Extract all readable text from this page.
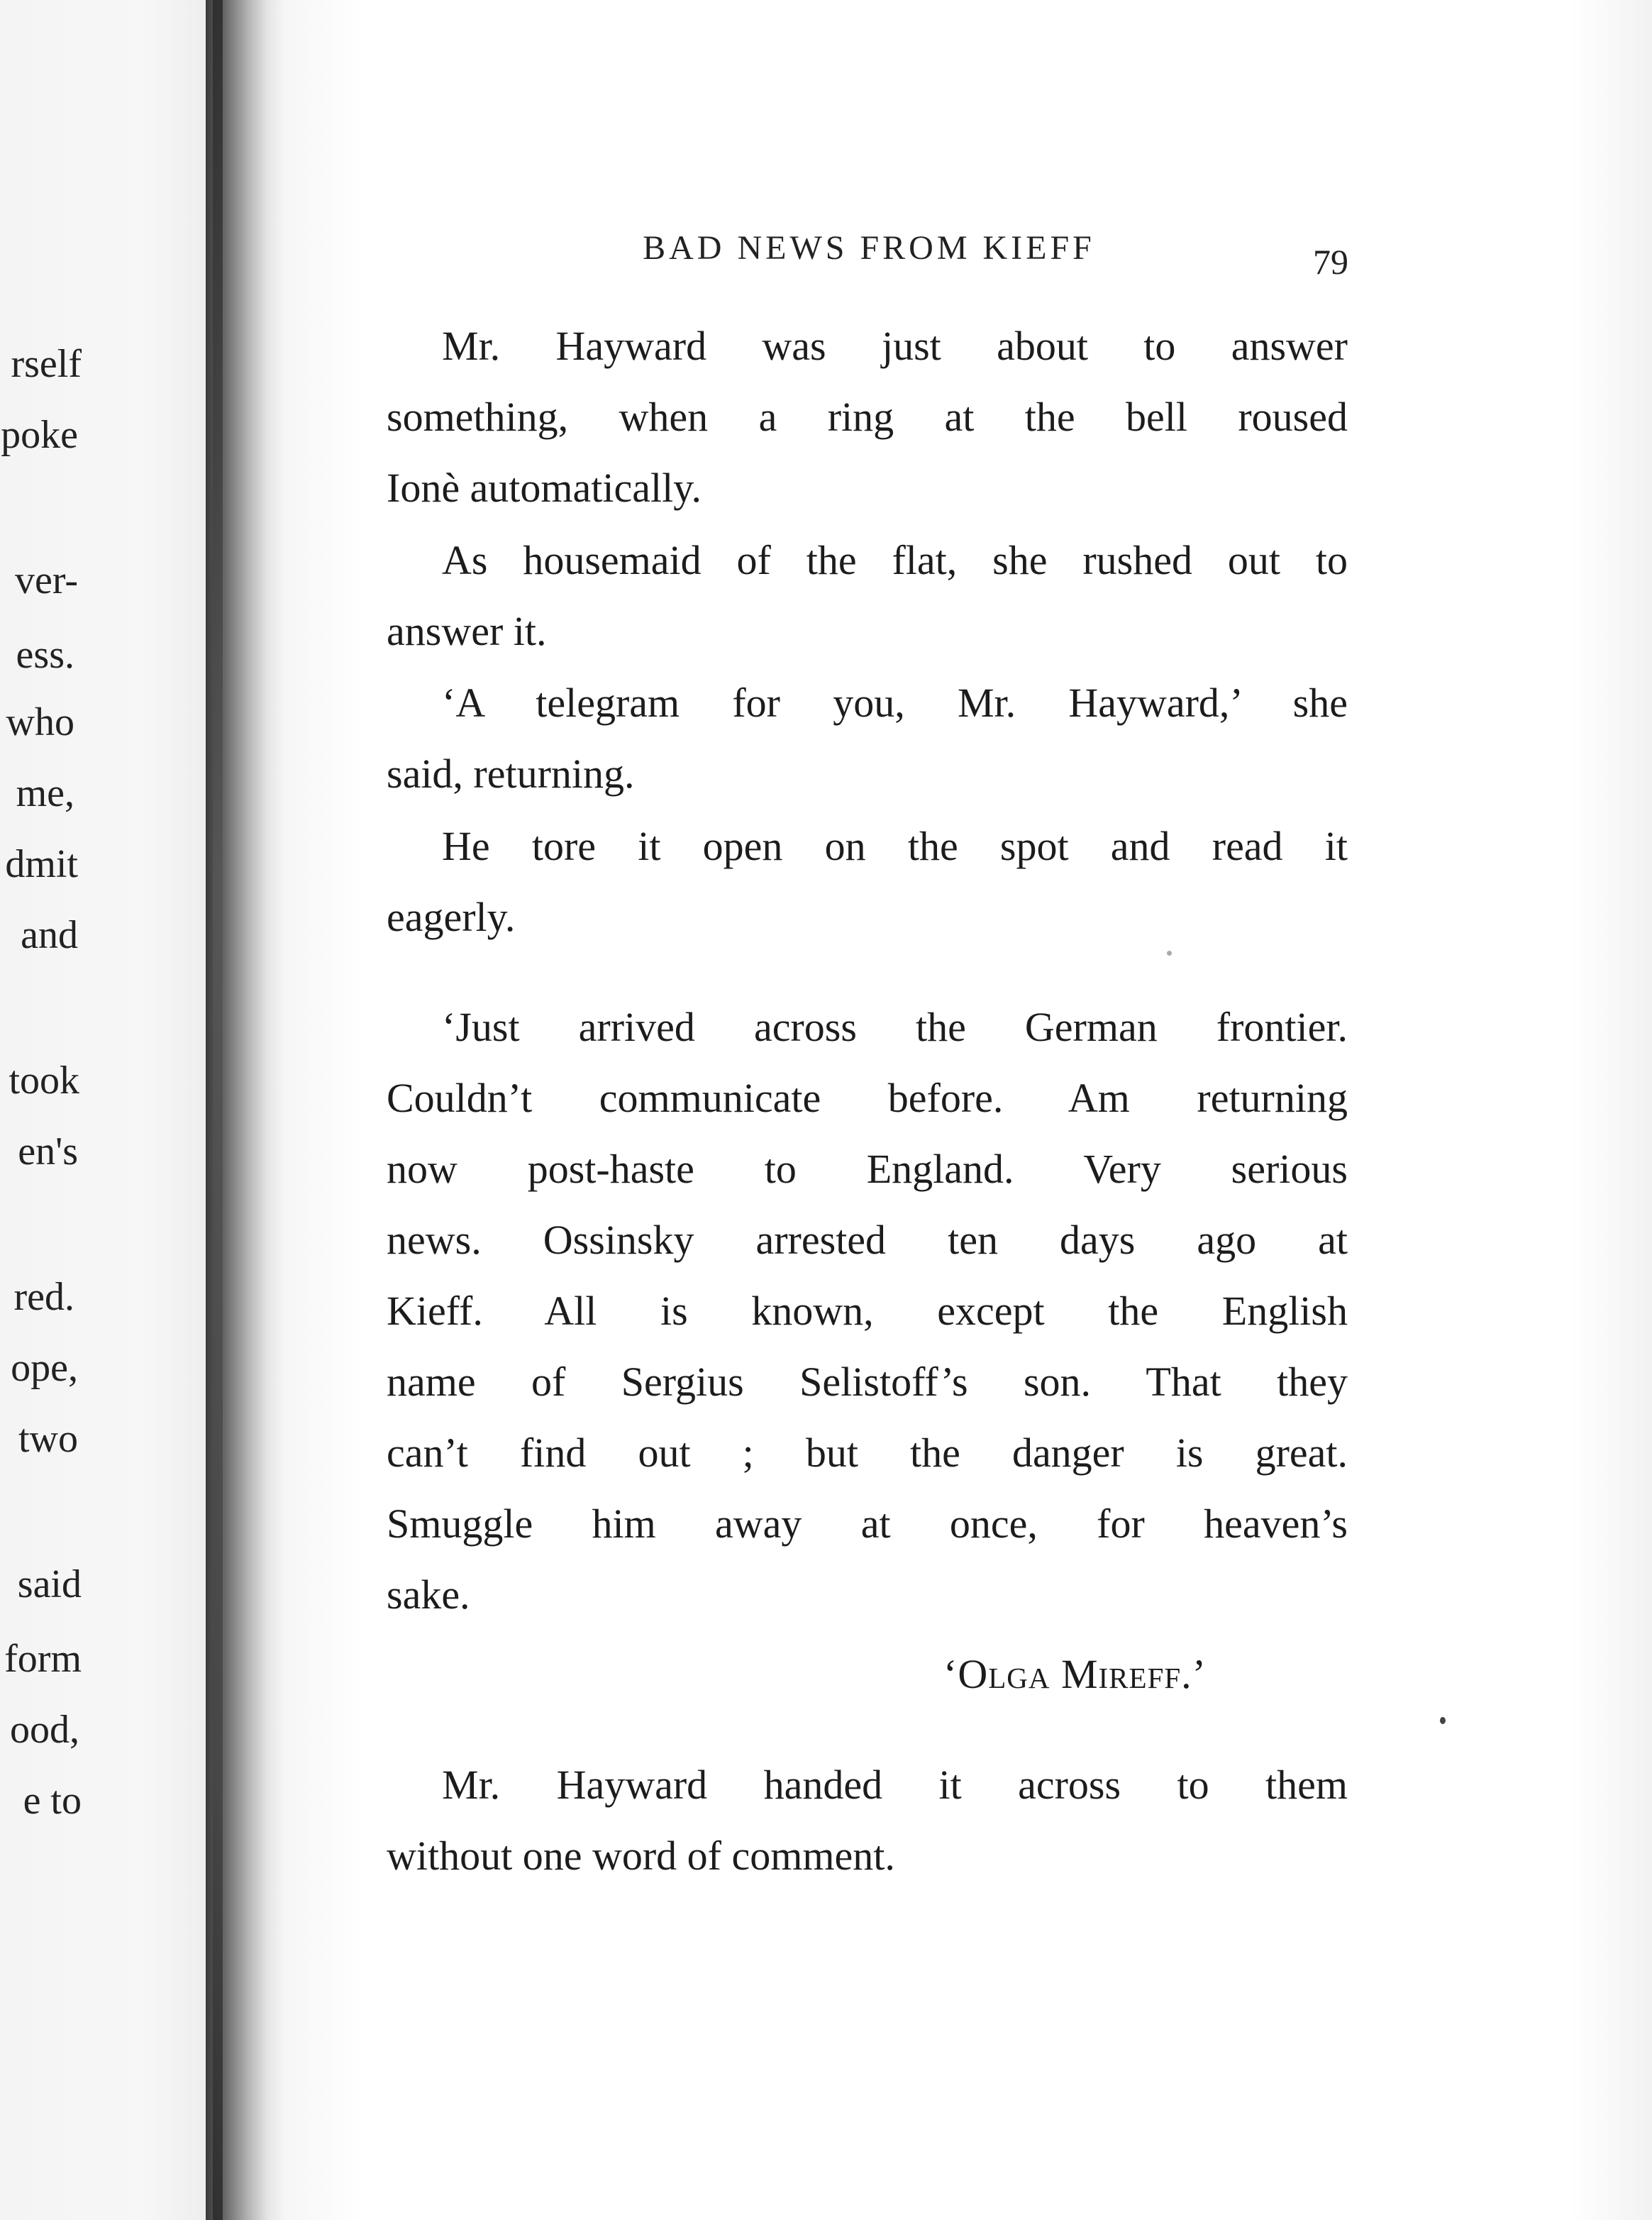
rself
poke
ver-
ess.
who
me,
dmit
and
took
en's
red.
ope,
two
said
form
ood,
e to
BAD NEWS FROM KIEFF	79
Mr. Hayward was just about to answer
something, when a ring at the bell roused
Ionè automatically.
As housemaid of the flat, she rushed out to
answer it.
‘A telegram for you, Mr. Hayward,’ she
said, returning.
He tore it open on the spot and read it
eagerly.
‘Just arrived across the German frontier.
Couldn’t communicate before. Am returning
now post-haste to England. Very serious
news. Ossinsky arrested ten days ago at
Kieff. All is known, except the English
name of Sergius Selistoff’s son. That they
can’t find out ; but the danger is great.
Smuggle him away at once, for heaven’s
sake.
‘Olga Mireff.’
Mr. Hayward handed it across to them
without one word of comment.
